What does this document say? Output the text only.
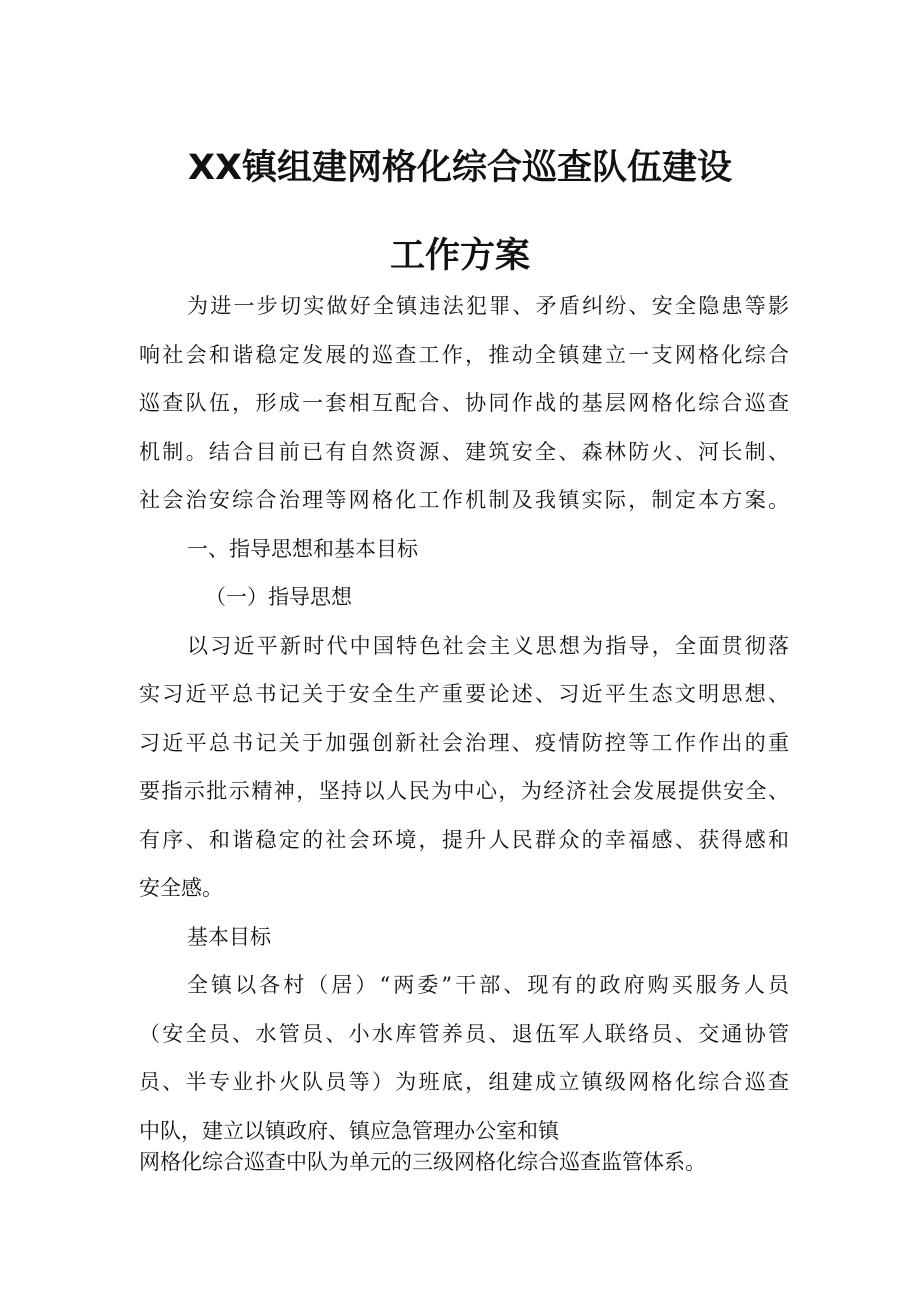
XX镇组建网格化综合巡查队伍建设
工作方案
为进一步切实做好全镇违法犯罪、矛盾纠纷、安全隐患等影
响社会和谐稳定发展的巡查工作，推动全镇建立一支网格化综合
巡查队伍，形成一套相互配合、协同作战的基层网格化综合巡查
机制。结合目前已有自然资源、建筑安全、森林防火、河长制、
社会治安综合治理等网格化工作机制及我镇实际，制定本方案。
一、指导思想和基本目标
（一）指导思想
以习近平新时代中国特色社会主义思想为指导，全面贯彻落
实习近平总书记关于安全生产重要论述、习近平生态文明思想、
习近平总书记关于加强创新社会治理、疫情防控等工作作出的重
要指示批示精神，坚持以人民为中心，为经济社会发展提供安全、
有序、和谐稳定的社会环境，提升人民群众的幸福感、获得感和
安全感。
基本目标
全镇以各村（居）“两委”干部、现有的政府购买服务人员
（安全员、水管员、小水库管养员、退伍军人联络员、交通协管
员、半专业扑火队员等）为班底，组建成立镇级网格化综合巡查
中队，建立以镇政府、镇应急管理办公室和镇
网格化综合巡查中队为单元的三级网格化综合巡查监管体系。
